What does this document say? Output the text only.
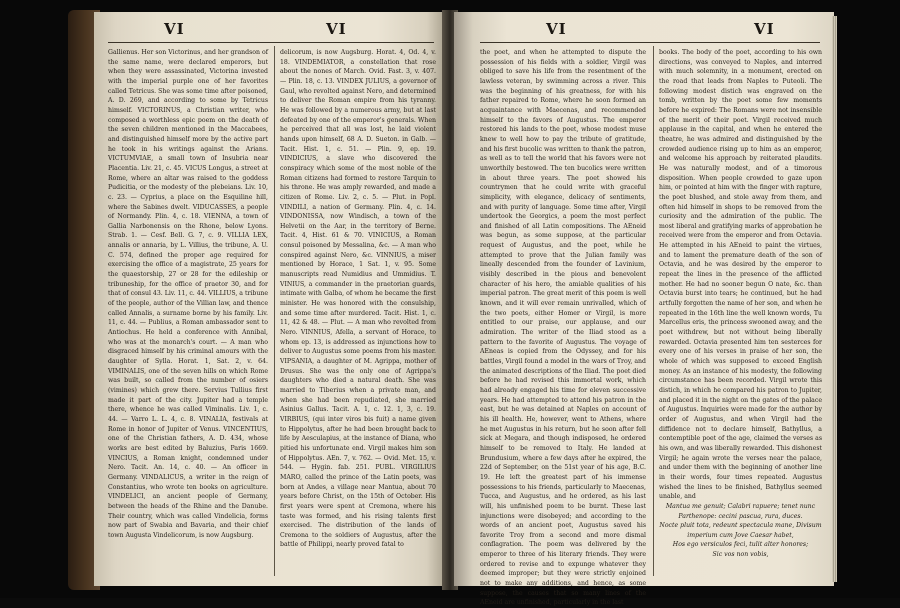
VI	VI

Gallienus. Her son Victorinus, and her grandson of the same name, were declared emperors, but when they were assassinated, Victorina invested with the imperial purple one of her favorites called Tetricus. She was some time after poisoned, A. D. 269, and according to some by Tetricus himself. VICTORINUS, a Christian writer, who composed a worthless epic poem on the death of the seven children mentioned in the Maccabees, and distinguished himself more by the active part he took in his writings against the Arians. VICTUMVIAE, a small town of Insubria near Placentia. Liv. 21, c. 45. VICUS Longus, a street at Rome, where an altar was raised to the goddess Pudicitia, or the modesty of the plebeians. Liv. 10, c. 23. — Cyprius, a place on the Esquiline hill, where the Sabines dwelt. VIDUCASSES, a people of Normandy. Plin. 4, c. 18. VIENNA, a town of Gallia Narbonensis on the Rhone, below Lyons. Strab. 1. — Cesf. Bell. G. 7, c. 9. VILLIA LEX, annalis or annaria, by L. Villius, the tribune, A. U. C. 574, defined the proper age required for exercising the office of a magistrate, 25 years for the quaestorship, 27 or 28 for the edileship or tribuneship, for the office of praetor 30, and for that of consul 43. Liv. 11, c. 44. VILLIUS, a tribune of the people, author of the Villian law, and thence called Annalis, a surname borne by his family. Liv. 11, c. 44. — Publius, a Roman ambassador sent to Antiochus. He held a conference with Annibal, who was at the monarch's court. — A man who disgraced himself by his criminal amours with the daughter of Sylla. Horat. 1, Sat. 2, v. 64. VIMINALIS, one of the seven hills on which Rome was built, so called from the number of osiers (vimines) which grew there. Servius Tullius first made it part of the city. Jupiter had a temple there, whence he was called Viminalis. Liv. 1, c. 44. — Varro L. L. 4, c. 8. VINALIA, festivals at Rome in honor of Jupiter of Venus. VINCENTIUS, one of the Christian fathers, A. D. 434, whose works are best edited by Baluzius, Paris 1669. VINCIUS, a Roman knight, condemned under Nero. Tacit. An. 14, c. 40. — An officer in Germany. VINDALICUS, a writer in the reign of Constantius, who wrote ten books on agriculture. VINDELICI, an ancient people of Germany, between the heads of the Rhine and the Danube. Their country, which was called Vindelicia, forms now part of Swabia and Bavaria, and their chief town Augusta Vindelicorum, is now Augsburg.

delicorum, is now Augsburg. Horat. 4, Od. 4, v. 18. VINDEMIATOR, a constellation that rose about the nones of March. Ovid. Fast. 3, v. 407. — Plin. 18, c. 13. VINDEX JULIUS, a governor of Gaul, who revolted against Nero, and determined to deliver the Roman empire from his tyranny. He was followed by a numerous army, but at last defeated by one of the emperor's generals. When he perceived that all was lost, he laid violent hands upon himself, 68 A. D. Sueton. in Galb. — Tacit. Hist. 1, c. 51. — Plin. 9, ep. 19. VINDICIUS, a slave who discovered the conspiracy which some of the most noble of the Roman citizens had formed to restore Tarquin to his throne. He was amply rewarded, and made a citizen of Rome. Liv. 2, c. 5. — Plut. in Popl. VINDILI, a nation of Germany. Plin. 4, c. 14. VINDONISSA, now Windisch, a town of the Helvetii on the Aar, in the territory of Berne. Tacit. 4, Hist. 61 & 70. VINICIUS, a Roman consul poisoned by Messalina, &c. — A man who conspired against Nero, &c. VINNIUS, a miser mentioned by Horace, 1 Sat. 1, v. 95. Some manuscripts read Numidius and Ummidius. T. VINIUS, a commander in the praetorian guards, intimate with Galba, of whom he became the first minister. He was honored with the consulship, and some time after murdered. Tacit. Hist. 1, c. 11, 42 & 48. — Plut. — A man who revolted from Nero. VINNIUS, Afella, a servant of Horace, to whom ep. 13, is addressed as injunctions how to deliver to Augustus some poems from his master. VIPSANIA, a daughter of M. Agrippa, mother of Drusus. She was the only one of Agrippa's daughters who died a natural death. She was married to Tiberius when a private man, and when she had been repudiated, she married Asinius Gallus. Tacit. A. 1, c. 12. 1, 3, c. 19. VIRBIUS, (qui inter viros bis fuit) a name given to Hippolytus, after he had been brought back to life by Aesculapius, at the instance of Diana, who pitied his unfortunate end. Virgil makes him son of Hippolytus. AEn. 7, v. 762. — Ovid. Met. 15, v. 544. — Hygin. fab. 251. PUBL. VIRGILIUS MARO, called the prince of the Latin poets, was born at Andes, a village near Mantua, about 70 years before Christ, on the 15th of October. His first years were spent at Cremona, where his taste was formed, and his rising talents first exercised. The distribution of the lands of Cremona to the soldiers of Augustus, after the battle of Philippi, nearly proved fatal to

VI	VI

the poet, and when he attempted to dispute the possession of his fields with a soldier, Virgil was obliged to save his life from the resentment of the lawless veteran, by swimming across a river. This was the beginning of his greatness, for with his father repaired to Rome, where he soon formed an acquaintance with Maecenas, and recommended himself to the favors of Augustus. The emperor restored his lands to the poet, whose modest muse knew to well how to pay the tribute of gratitude, and his first bucolic was written to thank the patron, as well as to tell the world that his favors were not unworthily bestowed. The ten bucolics were written in about three years. The poet showed his countrymen that he could write with graceful simplicity, with elegance, delicacy of sentiments, and with purity of language. Some time after, Virgil undertook the Georgics, a poem the most perfect and finished of all Latin compositions. The AEneid was begun, as some suppose, at the particular request of Augustus, and the poet, while he attempted to prove that the Julian family was lineally descended from the founder of Lavinium, visibly described in the pious and benevolent character of his hero, the amiable qualities of his imperial patron. The great merit of this poem is well known, and it will ever remain unrivalled, which of the two poets, either Homer or Virgil, is more entitled to our praise, our applause, and our admiration. The writer of the Iliad stood as a pattern to the favorite of Augustus. The voyage of AEneas is copied from the Odyssey, and for his battles, Virgil found a model in the wars of Troy, and the animated descriptions of the Iliad. The poet died before he had revised this immortal work, which had already engaged his time for eleven successive years. He had attempted to attend his patron in the east, but he was detained at Naples on account of his ill health. He, however, went to Athens, where he met Augustus in his return, but he soon after fell sick at Megara, and though indisposed, he ordered himself to be removed to Italy. He landed at Brundusium, where a few days after he expired, the 22d of September, on the 51st year of his age, B.C. 19. He left the greatest part of his immense possessions to his friends, particularly to Maecenas, Tucca, and Augustus, and he ordered, as his last will, his unfinished poem to be burnt. These last injunctions were disobeyed; and according to the words of an ancient poet, Augustus saved his favorite Troy from a second and more dismal conflagration. The poem was delivered by the emperor to three of his literary friends. They were ordered to revise and to expunge whatever they deemed improper; but they were strictly enjoined not to make any additions, and hence, as some suppose, the causes that so many lines of the AEneid are unfinished, particularly in the last

books. The body of the poet, according to his own directions, was conveyed to Naples, and interred with much solemnity, in a monument, erected on the road that leads from Naples to Puteoli. The following modest distich was engraved on the tomb, written by the poet some few moments before he expired: The Romans were not insensible of the merit of their poet. Virgil received much applause in the capital, and when he entered the theatre, he was admired and distinguished by the crowded audience rising up to him as an emperor, and welcome his approach by reiterated plaudits. He was naturally modest, and of a timorous disposition. When people crowded to gaze upon him, or pointed at him with the finger with rapture, the poet blushed, and stole away from them, and often hid himself in shops to be removed from the curiosity and the admiration of the public. The most liberal and gratifying marks of approbation he received were from the emperor and from Octavia. He attempted in his AEneid to paint the virtues, and to lament the premature death of the son of Octavia, and he was desired by the emperor to repeat the lines in the presence of the afflicted mother. He had no sooner begun O nate, &c. than Octavia burst into tears; he continued, but he had artfully forgotten the name of her son, and when he repeated in the 16th line the well known words, Tu Marcellus eris, the princess swooned away, and the poet withdrew, but not without being liberally rewarded. Octavia presented him ten sesterces for every one of his verses in praise of her son, the whole of which was supposed to exceed English money. As an instance of his modesty, the following circumstance has been recorded. Virgil wrote this distich, in which he compared his patron to Jupiter, and placed it in the night on the gates of the palace of Augustus. Inquiries were made for the author by order of Augustus, and when Virgil had the diffidence not to declare himself, Bathyllus, a contemptible poet of the age, claimed the verses as his own, and was liberally rewarded. This dishonest Virgil; he again wrote the verses near the palace, and under them with the beginning of another line in their words, four times repeated. Augustus wished the lines to be finished, Bathyllus seemed unable, and

Mantua me genuit; Calabri rapuere; tenet nunc Parthenope: cecini pascua, rura, duces.

Nocte pluit tota, redeunt spectacula mane, Divisum imperium cum Jove Caesar habet,

Hos ego versiculos feci, tulit alter honores;

Sic vos non vobis,
